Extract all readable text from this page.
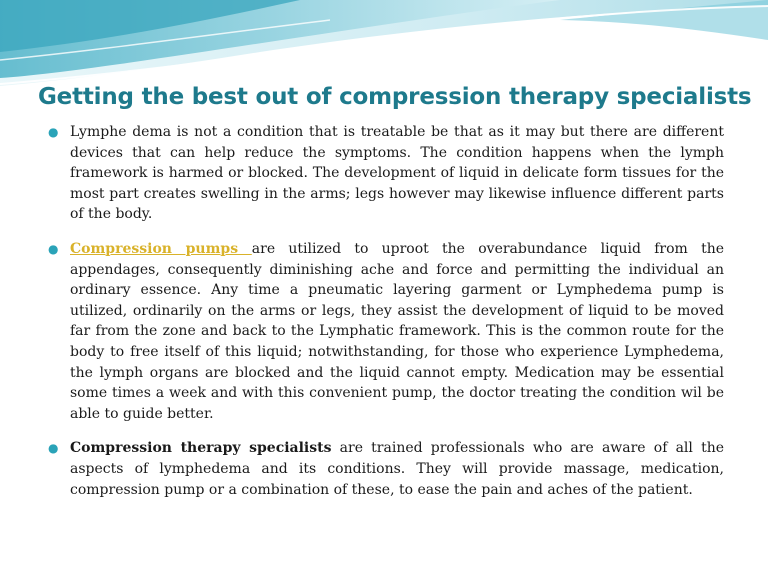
Getting the best out of compression therapy specialists
● Lymphe dema is not a condition that is treatable be that as it may but there are different devices that can help reduce the symptoms. The condition happens when the lymph framework is harmed or blocked. The development of liquid in delicate form tissues for the most part creates swelling in the arms; legs however may likewise influence different parts of the body.
● Compression pumps are utilized to uproot the overabundance liquid from the appendages, consequently diminishing ache and force and permitting the individual an ordinary essence. Any time a pneumatic layering garment or Lymphedema pump is utilized, ordinarily on the arms or legs, they assist the development of liquid to be moved far from the zone and back to the Lymphatic framework. This is the common route for the body to free itself of this liquid; notwithstanding, for those who experience Lymphedema, the lymph organs are blocked and the liquid cannot empty. Medication may be essential some times a week and with this convenient pump, the doctor treating the condition wil be able to guide better.
● Compression therapy specialists are trained professionals who are aware of all the aspects of lymphedema and its conditions. They will provide massage, medication, compression pump or a combination of these, to ease the pain and aches of the patient.
